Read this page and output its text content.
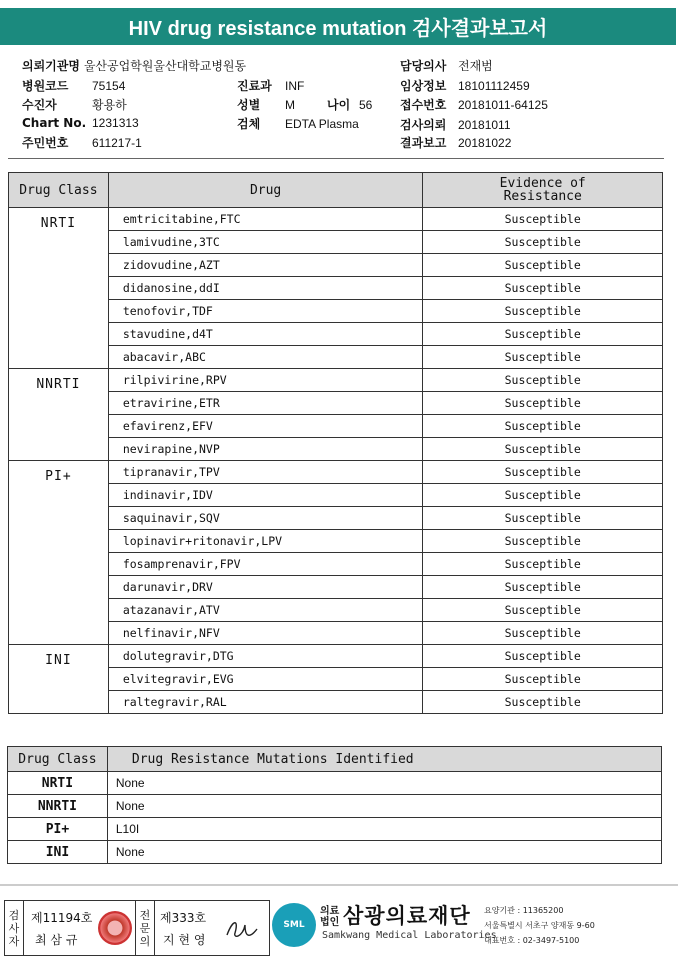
HIV drug resistance mutation 검사결과보고서
의뢰기관명 울산공업학원울산대학교병원동
병원코드 75154
수진자	황용하
Chart No. 1231313
주민번호 611217-1
진료과 INF
성별 M	나이 56
검체 EDTA Plasma
담당의사 전재범
임상정보 18101112459
접수번호 20181011-64125
검사의뢰 20181011
결과보고 20181022
Drug Class	Drug	Evidence of Resistance
NRTI	emtricitabine,FTC	Susceptible
	lamivudine,3TC	Susceptible
	zidovudine,AZT	Susceptible
	didanosine,ddI	Susceptible
	tenofovir,TDF	Susceptible
	stavudine,d4T	Susceptible
	abacavir,ABC	Susceptible
NNRTI	rilpivirine,RPV	Susceptible
	etravirine,ETR	Susceptible
	efavirenz,EFV	Susceptible
	nevirapine,NVP	Susceptible
PI+	tipranavir,TPV	Susceptible
	indinavir,IDV	Susceptible
	saquinavir,SQV	Susceptible
	lopinavir+ritonavir,LPV	Susceptible
	fosamprenavir,FPV	Susceptible
	darunavir,DRV	Susceptible
	atazanavir,ATV	Susceptible
	nelfinavir,NFV	Susceptible
INI	dolutegravir,DTG	Susceptible
	elvitegravir,EVG	Susceptible
	raltegravir,RAL	Susceptible
Drug Class	Drug Resistance Mutations Identified
NRTI	None
NNRTI	None
PI+	L10I
INI	None
검
사
자
제11194호
최 삼 규
전
문
의
제333호
지 현 영
SML
의료
법인 삼광의료재단
Samkwang Medical Laboratories
요양기관 : 11365200
서울특별시 서초구 양재동 9-60
대표번호 : 02-3497-5100
